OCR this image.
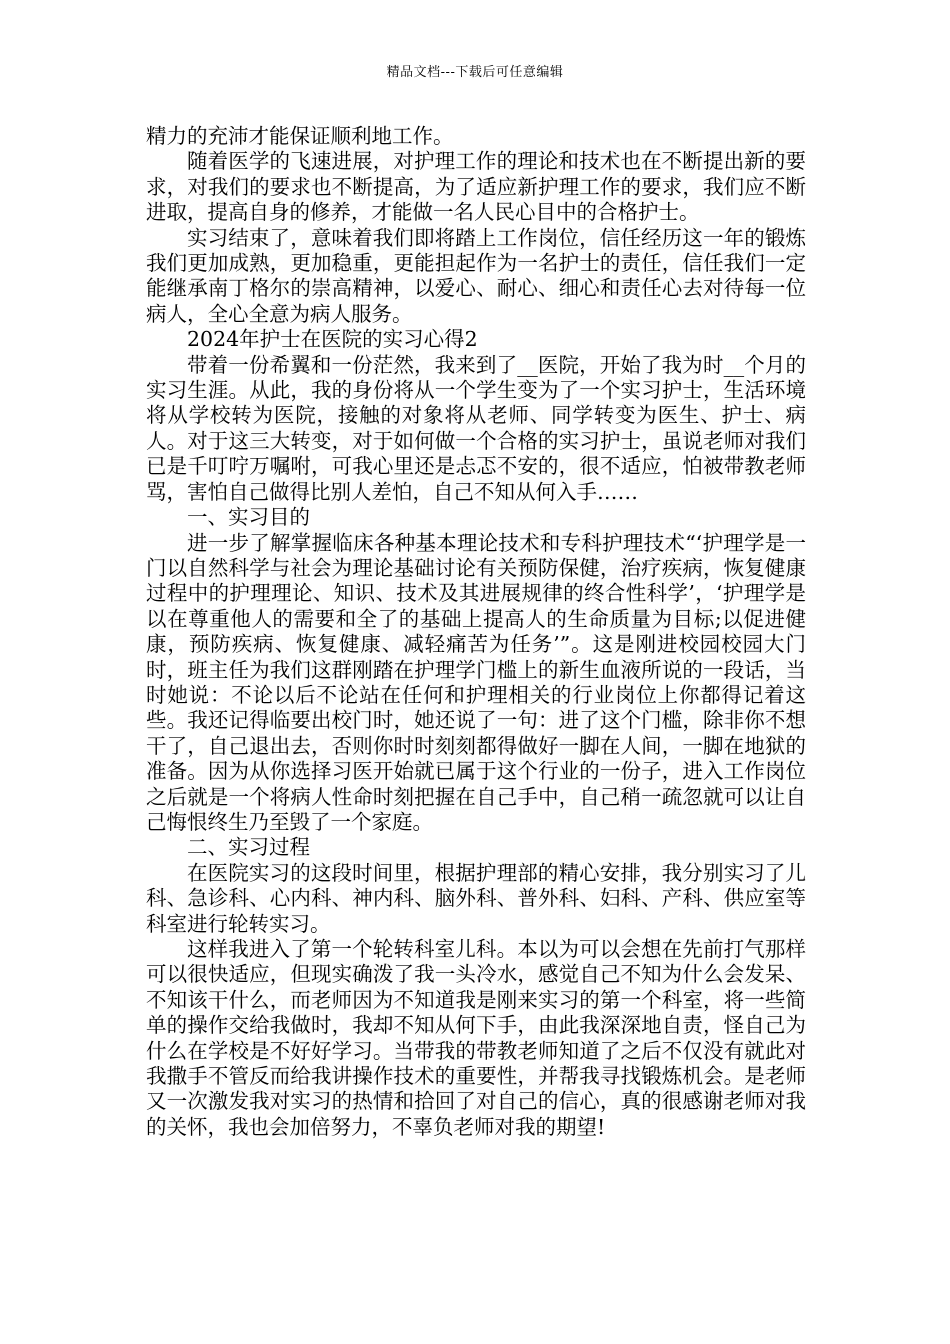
精品文档---下载后可任意编辑

精力的充沛才能保证顺利地工作。

随着医学的飞速进展，对护理工作的理论和技术也在不断提出新的要求，对我们的要求也不断提高，为了适应新护理工作的要求，我们应不断进取，提高自身的修养，才能做一名人民心目中的合格护士。

实习结束了，意味着我们即将踏上工作岗位，信任经历这一年的锻炼我们更加成熟，更加稳重，更能担起作为一名护士的责任，信任我们一定能继承南丁格尔的崇高精神，以爱心、耐心、细心和责任心去对待每一位病人，全心全意为病人服务。

2024年护士在医院的实习心得2

带着一份希翼和一份茫然，我来到了__医院，开始了我为时__个月的实习生涯。从此，我的身份将从一个学生变为了一个实习护士，生活环境将从学校转为医院，接触的对象将从老师、同学转变为医生、护士、病人。对于这三大转变，对于如何做一个合格的实习护士，虽说老师对我们已是千叮咛万嘱咐，可我心里还是忐忑不安的，很不适应，怕被带教老师骂，害怕自己做得比别人差怕，自己不知从何入手……

一、实习目的

进一步了解掌握临床各种基本理论技术和专科护理技术“‘护理学是一门以自然科学与社会为理论基础讨论有关预防保健，治疗疾病，恢复健康过程中的护理理论、知识、技术及其进展规律的终合性科学’，‘护理学是以在尊重他人的需要和全了的基础上提高人的生命质量为目标;以促进健康，预防疾病、恢复健康、减轻痛苦为任务’”。这是刚进校园校园大门时，班主任为我们这群刚踏在护理学门槛上的新生血液所说的一段话，当时她说：不论以后不论站在任何和护理相关的行业岗位上你都得记着这些。我还记得临要出校门时，她还说了一句：进了这个门槛，除非你不想干了，自己退出去，否则你时时刻刻都得做好一脚在人间，一脚在地狱的准备。因为从你选择习医开始就已属于这个行业的一份子，进入工作岗位之后就是一个将病人性命时刻把握在自己手中，自己稍一疏忽就可以让自己悔恨终生乃至毁了一个家庭。

二、实习过程

在医院实习的这段时间里，根据护理部的精心安排，我分别实习了儿科、急诊科、心内科、神内科、脑外科、普外科、妇科、产科、供应室等科室进行轮转实习。

这样我进入了第一个轮转科室儿科。本以为可以会想在先前打气那样可以很快适应，但现实确泼了我一头冷水，感觉自己不知为什么会发呆、不知该干什么，而老师因为不知道我是刚来实习的第一个科室，将一些简单的操作交给我做时，我却不知从何下手，由此我深深地自责，怪自己为什么在学校是不好好学习。当带我的带教老师知道了之后不仅没有就此对我撒手不管反而给我讲操作技术的重要性，并帮我寻找锻炼机会。是老师又一次激发我对实习的热情和拾回了对自己的信心，真的很感谢老师对我的关怀，我也会加倍努力，不辜负老师对我的期望!
